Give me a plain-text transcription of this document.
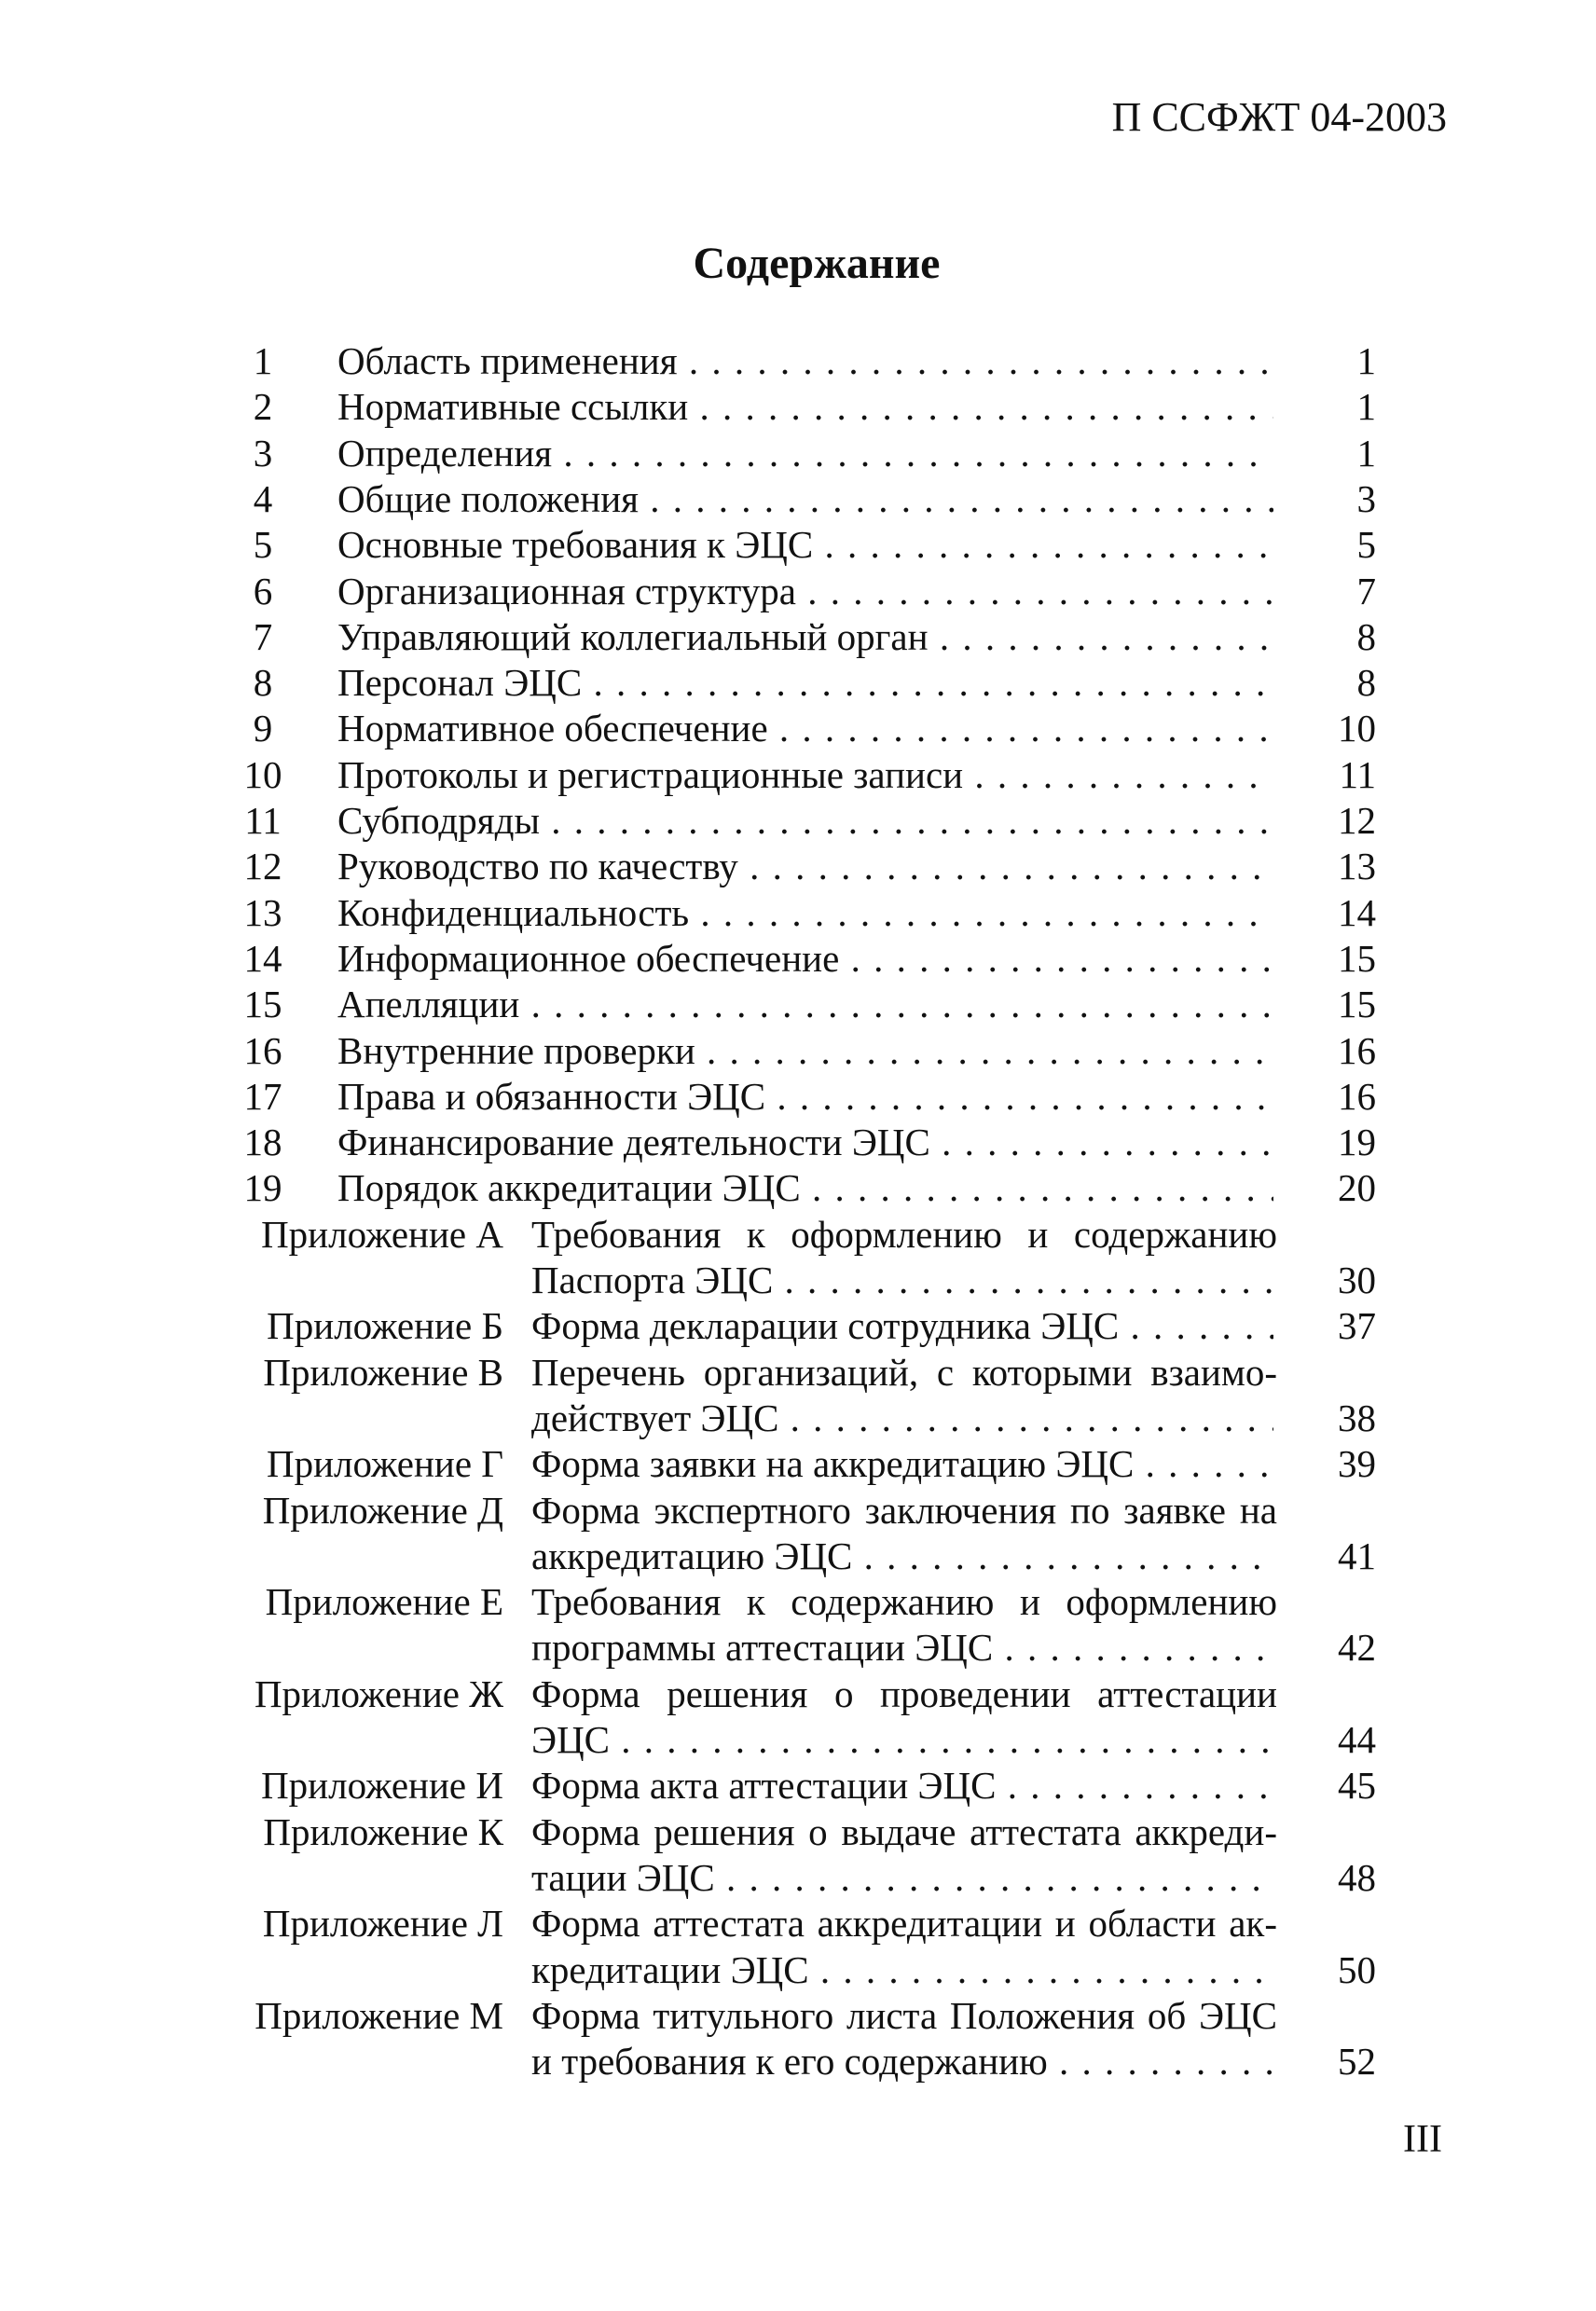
П ССФЖТ 04-2003
Содержание
1	Область применения . . .	1
2	Нормативные ссылки . . .	1
3	Определения . . .	1
4	Общие положения . . .	3
5	Основные требования к ЭЦС . . .	5
6	Организационная структура . . .	7
7	Управляющий коллегиальный орган . . .	8
8	Персонал ЭЦС . . .	8
9	Нормативное обеспечение . . .	10
10	Протоколы и регистрационные записи . . .	11
11	Субподряды . . .	12
12	Руководство по качеству . . .	13
13	Конфиденциальность . . .	14
14	Информационное обеспечение . . .	15
15	Апелляции . . .	15
16	Внутренние проверки . . .	16
17	Права и обязанности ЭЦС . . .	16
18	Финансирование деятельности ЭЦС . . .	19
19	Порядок аккредитации ЭЦС . . .	20
Приложение А Требования к оформлению и содержанию
Паспорта ЭЦС . . .	30
Приложение Б Форма декларации сотрудника ЭЦС . . .	37
Приложение В Перечень организаций, с которыми взаимо-
действует ЭЦС . . .	38
Приложение Г Форма заявки на аккредитацию ЭЦС . . .	39
Приложение Д Форма экспертного заключения по заявке на
аккредитацию ЭЦС . . .	41
Приложение Е Требования к содержанию и оформлению
программы аттестации ЭЦС . . .	42
Приложение Ж Форма решения о проведении аттестации
ЭЦС . . .	44
Приложение И Форма акта аттестации ЭЦС . . .	45
Приложение К Форма решения о выдаче аттестата аккреди-
тации ЭЦС . . .	48
Приложение Л Форма аттестата аккредитации и области ак-
кредитации ЭЦС . . .	50
Приложение М Форма титульного листа Положения об ЭЦС
и требования к его содержанию . . .	52
III
